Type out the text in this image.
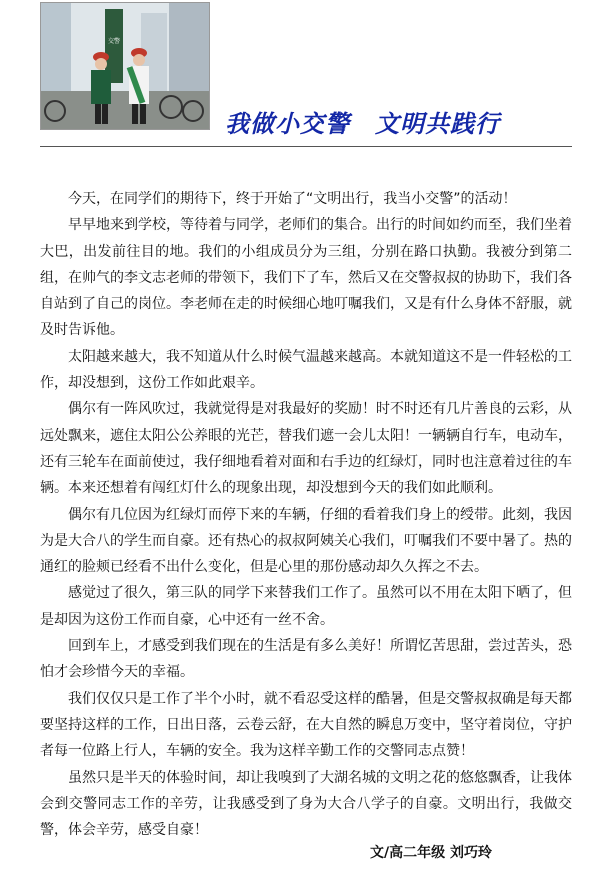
交警
我做小交警　文明共践行

今天，在同学们的期待下，终于开始了“文明出行，我当小交警”的活动！

早早地来到学校，等待着与同学，老师们的集合。出行的时间如约而至，我们坐着大巴，出发前往目的地。我们的小组成员分为三组，分别在路口执勤。我被分到第二组，在帅气的李文志老师的带领下，我们下了车，然后又在交警叔叔的协助下，我们各自站到了自己的岗位。李老师在走的时候细心地叮嘱我们，又是有什么身体不舒服，就及时告诉他。

太阳越来越大，我不知道从什么时候气温越来越高。本就知道这不是一件轻松的工作，却没想到，这份工作如此艰辛。

偶尔有一阵风吹过，我就觉得是对我最好的奖励！时不时还有几片善良的云彩，从远处飘来，遮住太阳公公养眼的光芒，替我们遮一会儿太阳！一辆辆自行车，电动车，还有三轮车在面前使过，我仔细地看着对面和右手边的红绿灯，同时也注意着过往的车辆。本来还想着有闯红灯什么的现象出现，却没想到今天的我们如此顺利。

偶尔有几位因为红绿灯而停下来的车辆，仔细的看着我们身上的绶带。此刻，我因为是大合八的学生而自豪。还有热心的叔叔阿姨关心我们，叮嘱我们不要中暑了。热的通红的脸颊已经看不出什么变化，但是心里的那份感动却久久挥之不去。

感觉过了很久，第三队的同学下来替我们工作了。虽然可以不用在太阳下晒了，但是却因为这份工作而自豪，心中还有一丝不舍。

回到车上，才感受到我们现在的生活是有多么美好！所谓忆苦思甜，尝过苦头，恐怕才会珍惜今天的幸福。

我们仅仅只是工作了半个小时，就不看忍受这样的酷暑，但是交警叔叔确是每天都要坚持这样的工作，日出日落，云卷云舒，在大自然的瞬息万变中，坚守着岗位，守护者每一位路上行人，车辆的安全。我为这样辛勤工作的交警同志点赞！

虽然只是半天的体验时间，却让我嗅到了大湖名城的文明之花的悠悠飘香，让我体会到交警同志工作的辛劳，让我感受到了身为大合八学子的自豪。文明出行，我做交警，体会辛劳，感受自豪！

文/高二年级 刘巧玲
